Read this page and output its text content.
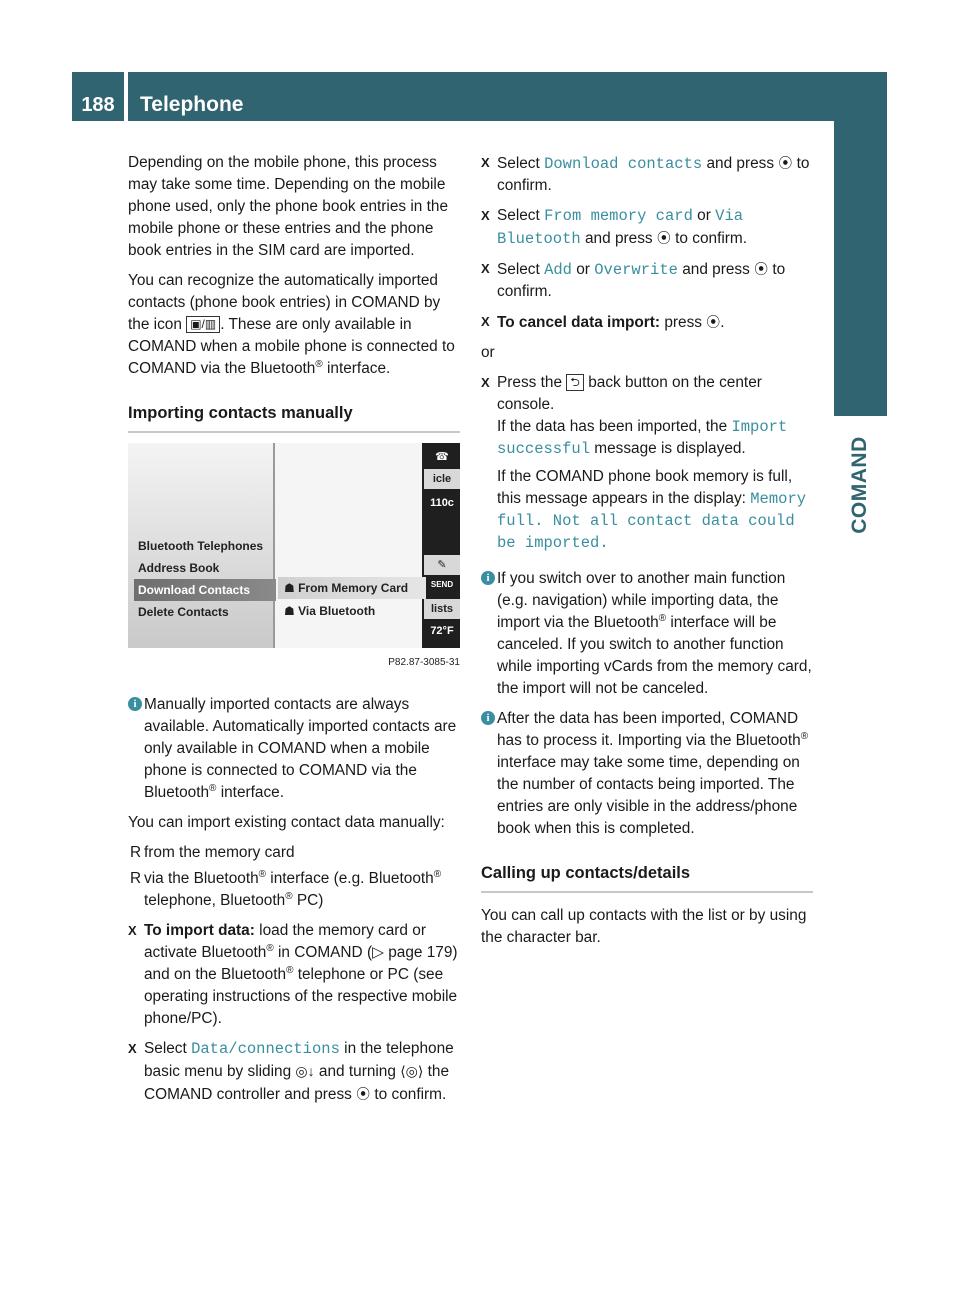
188	Telephone
COMAND

Depending on the mobile phone, this process may take some time. Depending on the mobile phone used, only the phone book entries in the mobile phone or these entries and the phone book entries in the SIM card are imported.

You can recognize the automatically imported contacts (phone book entries) in COMAND by the icon ▣/▥ . These are only available in COMAND when a mobile phone is connected to COMAND via the Bluetooth® interface.

Importing contacts manually
Bluetooth Telephones
Address Book
Download Contacts
Delete Contacts
☗ From Memory Card
☗ Via Bluetooth
☎
icle
110c
✎
SEND
lists
72°F
P82.87-3085-31
i Manually imported contacts are always available. Automatically imported contacts are only available in COMAND when a mobile phone is connected to COMAND via the Bluetooth® interface.

You can import existing contact data manually:

R from the memory card
R via the Bluetooth® interface (e.g. Bluetooth® telephone, Bluetooth® PC)
X To import data: load the memory card or activate Bluetooth® in COMAND (▷ page 179) and on the Bluetooth® telephone or PC (see operating instructions of the respective mobile phone/PC).
X Select Data/connections in the telephone basic menu by sliding ◎↓ and turning ⟨◎⟩ the COMAND controller and press ⦿ to confirm.
X Select Download contacts and press ⦿ to confirm.
X Select From memory card or Via Bluetooth and press ⦿ to confirm.
X Select Add or Overwrite and press ⦿ to confirm.
X To cancel data import: press ⦿.

or

X Press the ⮌ back button on the center console.
If the data has been imported, the Import successful message is displayed.
If the COMAND phone book memory is full, this message appears in the display: Memory full. Not all contact data could be imported.
i If you switch over to another main function (e.g. navigation) while importing data, the import via the Bluetooth® interface will be canceled. If you switch to another function while importing vCards from the memory card, the import will not be canceled.
i After the data has been imported, COMAND has to process it. Importing via the Bluetooth® interface may take some time, depending on the number of contacts being imported. The entries are only visible in the address/phone book when this is completed.
Calling up contacts/details

You can call up contacts with the list or by using the character bar.
